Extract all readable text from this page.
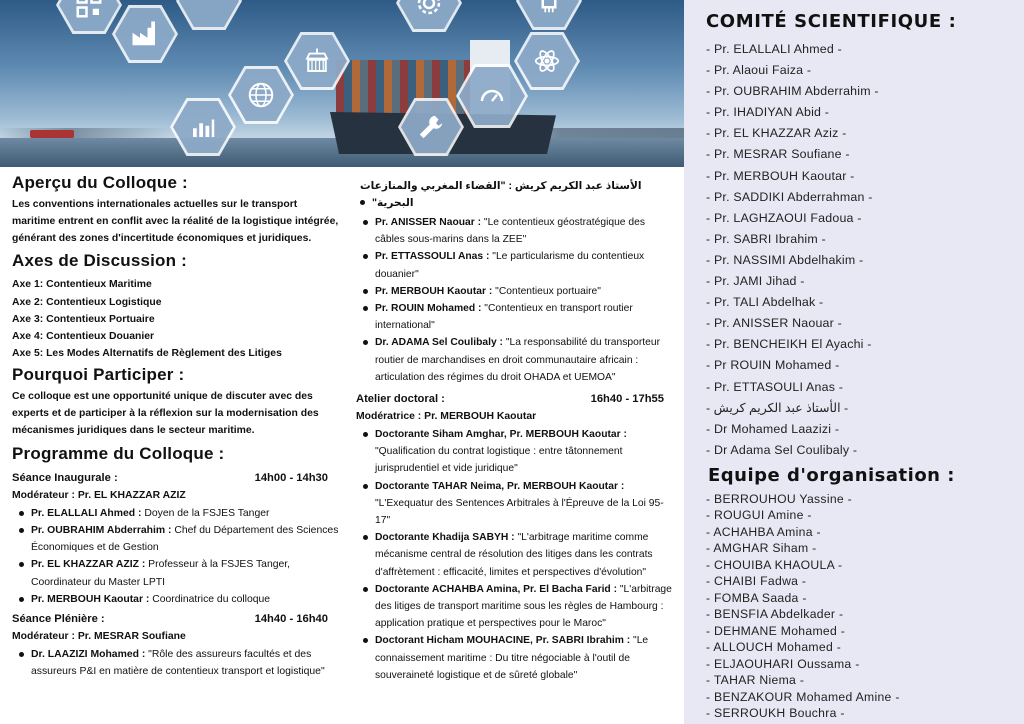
Aperçu du Colloque :

Les conventions internationales actuelles sur le transport maritime entrent en conflit avec la réalité de la logistique intégrée, générant des zones d'incertitude économiques et juridiques.

Axes de Discussion :
Axe 1: Contentieux Maritime
Axe 2: Contentieux Logistique
Axe 3: Contentieux Portuaire
Axe 4: Contentieux Douanier
Axe 5: Les Modes Alternatifs de Règlement des Litiges
Pourquoi Participer :

Ce colloque est une opportunité unique de discuter avec des experts et de participer à la réflexion sur la modernisation des mécanismes juridiques dans le secteur maritime.

Programme du Colloque :
Séance Inaugurale :	14h00 - 14h30
Modérateur : Pr. EL KHAZZAR AZIZ
Pr. ELALLALI Ahmed : Doyen de la FSJES Tanger
Pr. OUBRAHIM Abderrahim : Chef du Département des Sciences Économiques et de Gestion
Pr. EL KHAZZAR AZIZ : Professeur à la FSJES Tanger, Coordinateur du Master LPTI
Pr. MERBOUH Kaoutar : Coordinatrice du colloque
Séance Plénière :	14h40 - 16h40
Modérateur : Pr. MESRAR Soufiane
Dr. LAAZIZI Mohamed : "Rôle des assureurs facultés et des assureurs P&I en matière de contentieux transport et logistique"
الأستاذ عبد الكريم كريش : "القضاء المغربي والمنازعات البحرية"
Pr. ANISSER Naouar : "Le contentieux géostratégique des câbles sous-marins dans la ZEE"
Pr. ETTASSOULI Anas : "Le particularisme du contentieux douanier"
Pr. MERBOUH Kaoutar : "Contentieux portuaire"
Pr. ROUIN Mohamed : "Contentieux en transport routier international"
Dr. ADAMA Sel Coulibaly : "La responsabilité du transporteur routier de marchandises en droit communautaire africain : articulation des régimes du droit OHADA et UEMOA"
Atelier doctoral :	16h40 - 17h55
Modératrice : Pr. MERBOUH Kaoutar
Doctorante Siham Amghar, Pr. MERBOUH Kaoutar : "Qualification du contrat logistique : entre tâtonnement jurisprudentiel et vide juridique"
Doctorante TAHAR Neima, Pr. MERBOUH Kaoutar : "L'Exequatur des Sentences Arbitrales à l'Épreuve de la Loi 95-17"
Doctorante Khadija SABYH : "L'arbitrage maritime comme mécanisme central de résolution des litiges dans les contrats d'affrètement : efficacité, limites et perspectives d'évolution"
Doctorante ACHAHBA Amina, Pr. El Bacha Farid : "L'arbitrage des litiges de transport maritime sous les règles de Hambourg : application pratique et perspectives pour le Maroc"
Doctorant Hicham MOUHACINE, Pr. SABRI Ibrahim : "Le connaissement maritime : Du titre négociable à l'outil de souveraineté logistique et de sûreté globale"
COMITÉ SCIENTIFIQUE :
- Pr. ELALLALI Ahmed -
- Pr. Alaoui Faiza -
- Pr. OUBRAHIM Abderrahim -
- Pr. IHADIYAN Abid -
- Pr. EL KHAZZAR Aziz -
- Pr. MESRAR Soufiane -
- Pr. MERBOUH Kaoutar -
- Pr. SADDIKI Abderrahman -
- Pr. LAGHZAOUI Fadoua -
- Pr. SABRI Ibrahim -
- Pr. NASSIMI Abdelhakim -
- Pr. JAMI Jihad -
- Pr. TALI Abdelhak -
- Pr. ANISSER Naouar -
- Pr. BENCHEIKH El Ayachi -
- Pr ROUIN Mohamed -
- Pr. ETTASOULI Anas -
- الأستاذ عبد الكريم كريش -
- Dr Mohamed Laazizi -
- Dr Adama Sel Coulibaly -
Equipe d'organisation :
- BERROUHOU Yassine -
- ROUGUI Amine -
- ACHAHBA Amina -
- AMGHAR Siham -
- CHOUIBA KHAOULA -
- CHAIBI Fadwa -
- FOMBA Saada -
- BENSFIA Abdelkader -
- DEHMANE Mohamed -
- ALLOUCH Mohamed -
- ELJAOUHARI Oussama -
- TAHAR Niema -
- BENZAKOUR Mohamed Amine -
- SERROUKH Bouchra -
